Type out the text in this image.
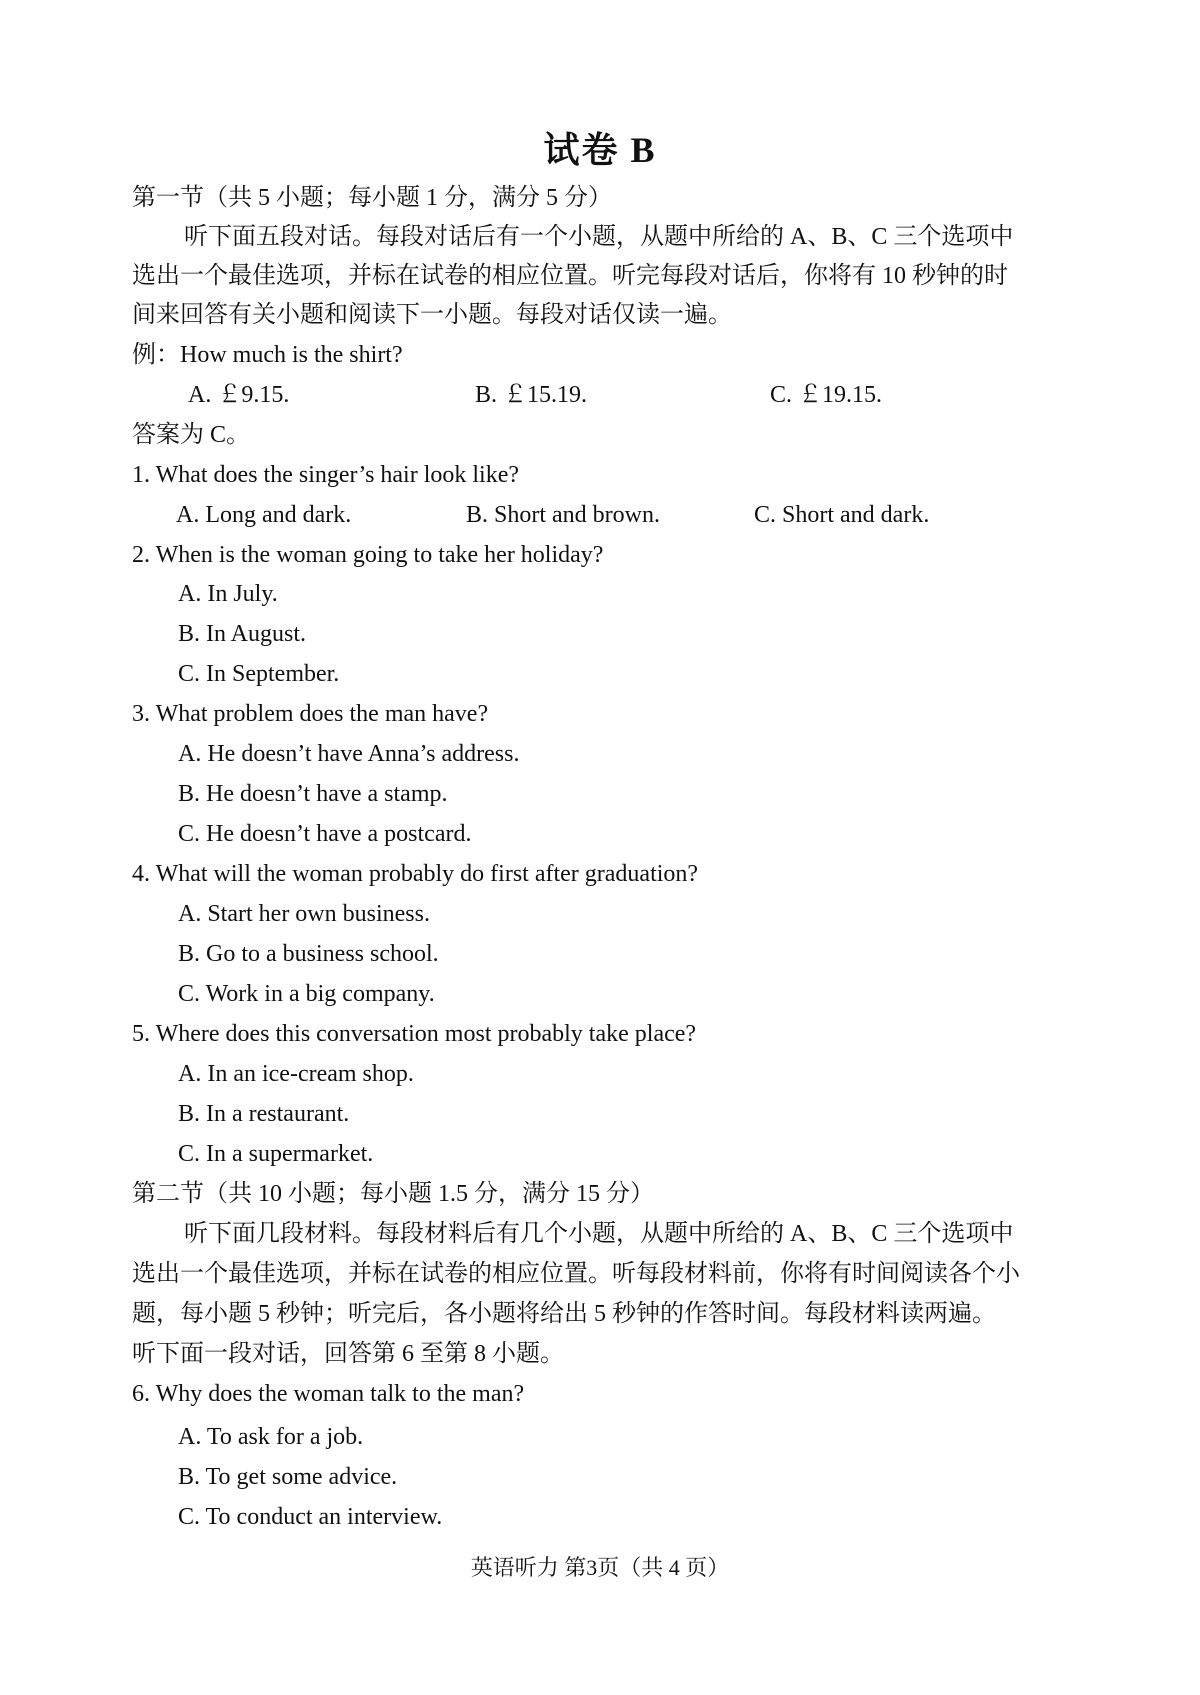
试卷 B
第一节（共 5 小题；每小题 1 分，满分 5 分）
听下面五段对话。每段对话后有一个小题，从题中所给的 A、B、C 三个选项中
选出一个最佳选项，并标在试卷的相应位置。听完每段对话后，你将有 10 秒钟的时
间来回答有关小题和阅读下一小题。每段对话仅读一遍。
例：How much is the shirt?
A. ￡9.15.	B. ￡15.19.	C. ￡19.15.
答案为 C。
1. What does the singer’s hair look like?
A. Long and dark.	B. Short and brown.	C. Short and dark.
2. When is the woman going to take her holiday?
A. In July.
B. In August.
C. In September.
3. What problem does the man have?
A. He doesn’t have Anna’s address.
B. He doesn’t have a stamp.
C. He doesn’t have a postcard.
4. What will the woman probably do first after graduation?
A. Start her own business.
B. Go to a business school.
C. Work in a big company.
5. Where does this conversation most probably take place?
A. In an ice-cream shop.
B. In a restaurant.
C. In a supermarket.
第二节（共 10 小题；每小题 1.5 分，满分 15 分）
听下面几段材料。每段材料后有几个小题，从题中所给的 A、B、C 三个选项中
选出一个最佳选项，并标在试卷的相应位置。听每段材料前，你将有时间阅读各个小
题，每小题 5 秒钟；听完后，各小题将给出 5 秒钟的作答时间。每段材料读两遍。
听下面一段对话，回答第 6 至第 8 小题。
6. Why does the woman talk to the man?
A. To ask for a job.
B. To get some advice.
C. To conduct an interview.
英语听力 第3页（共 4 页）
